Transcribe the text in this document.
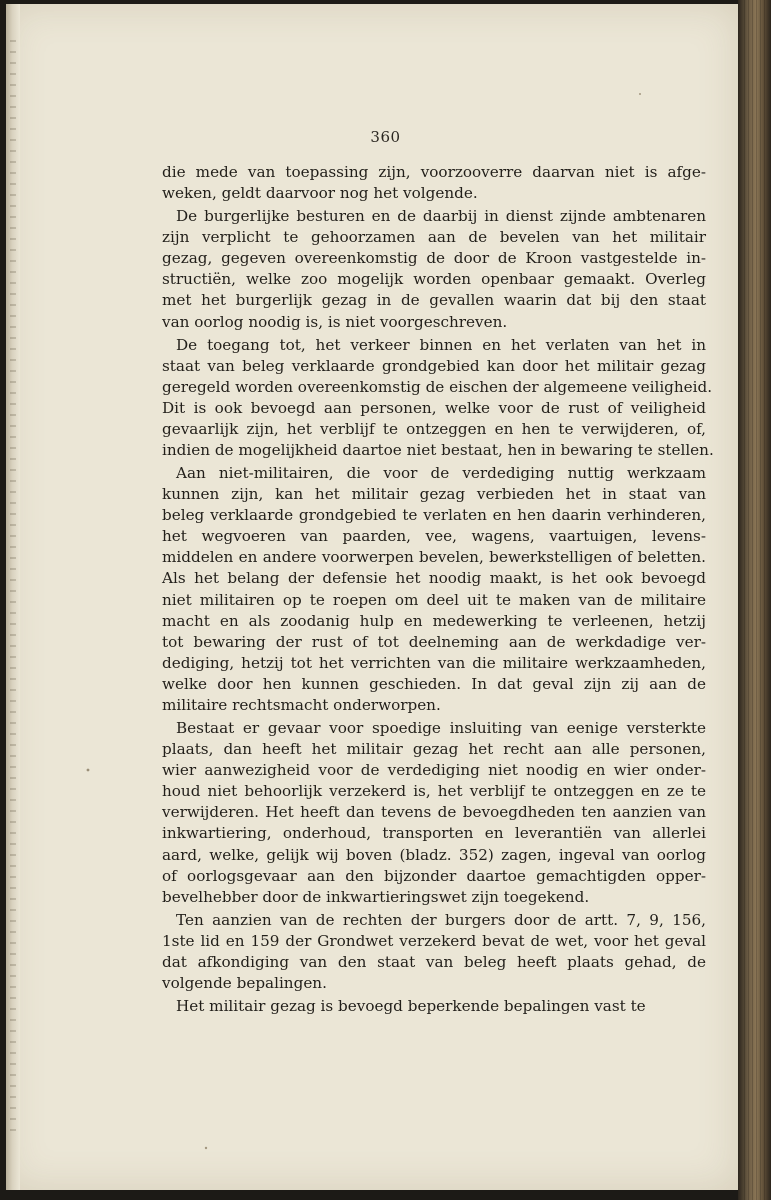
360
die mede van toepassing zijn, voorzooverre daarvan niet is afge-
weken, geldt daarvoor nog het volgende.
De burgerlijke besturen en de daarbij in dienst zijnde ambtenaren
zijn verplicht te gehoorzamen aan de bevelen van het militair
gezag, gegeven overeenkomstig de door de Kroon vastgestelde in-
structiën, welke zoo mogelijk worden openbaar gemaakt. Overleg
met het burgerlijk gezag in de gevallen waarin dat bij den staat
van oorlog noodig is, is niet voorgeschreven.
De toegang tot, het verkeer binnen en het verlaten van het in
staat van beleg verklaarde grondgebied kan door het militair gezag
geregeld worden overeenkomstig de eischen der algemeene veiligheid.
Dit is ook bevoegd aan personen, welke voor de rust of veiligheid
gevaarlijk zijn, het verblijf te ontzeggen en hen te verwijderen, of,
indien de mogelijkheid daartoe niet bestaat, hen in bewaring te stellen.
Aan niet-militairen, die voor de verdediging nuttig werkzaam
kunnen zijn, kan het militair gezag verbieden het in staat van
beleg verklaarde grondgebied te verlaten en hen daarin verhinderen,
het wegvoeren van paarden, vee, wagens, vaartuigen, levens-
middelen en andere voorwerpen bevelen, bewerkstelligen of beletten.
Als het belang der defensie het noodig maakt, is het ook bevoegd
niet militairen op te roepen om deel uit te maken van de militaire
macht en als zoodanig hulp en medewerking te verleenen, hetzij
tot bewaring der rust of tot deelneming aan de werkdadige ver-
dediging, hetzij tot het verrichten van die militaire werkzaamheden,
welke door hen kunnen geschieden. In dat geval zijn zij aan de
militaire rechtsmacht onderworpen.
Bestaat er gevaar voor spoedige insluiting van eenige versterkte
plaats, dan heeft het militair gezag het recht aan alle personen,
wier aanwezigheid voor de verdediging niet noodig en wier onder-
houd niet behoorlijk verzekerd is, het verblijf te ontzeggen en ze te
verwijderen. Het heeft dan tevens de bevoegdheden ten aanzien van
inkwartiering, onderhoud, transporten en leverantiën van allerlei
aard, welke, gelijk wij boven (bladz. 352) zagen, ingeval van oorlog
of oorlogsgevaar aan den bijzonder daartoe gemachtigden opper-
bevelhebber door de inkwartieringswet zijn toegekend.
Ten aanzien van de rechten der burgers door de artt. 7, 9, 156,
1ste lid en 159 der Grondwet verzekerd bevat de wet, voor het geval
dat afkondiging van den staat van beleg heeft plaats gehad, de
volgende bepalingen.
Het militair gezag is bevoegd beperkende bepalingen vast te
